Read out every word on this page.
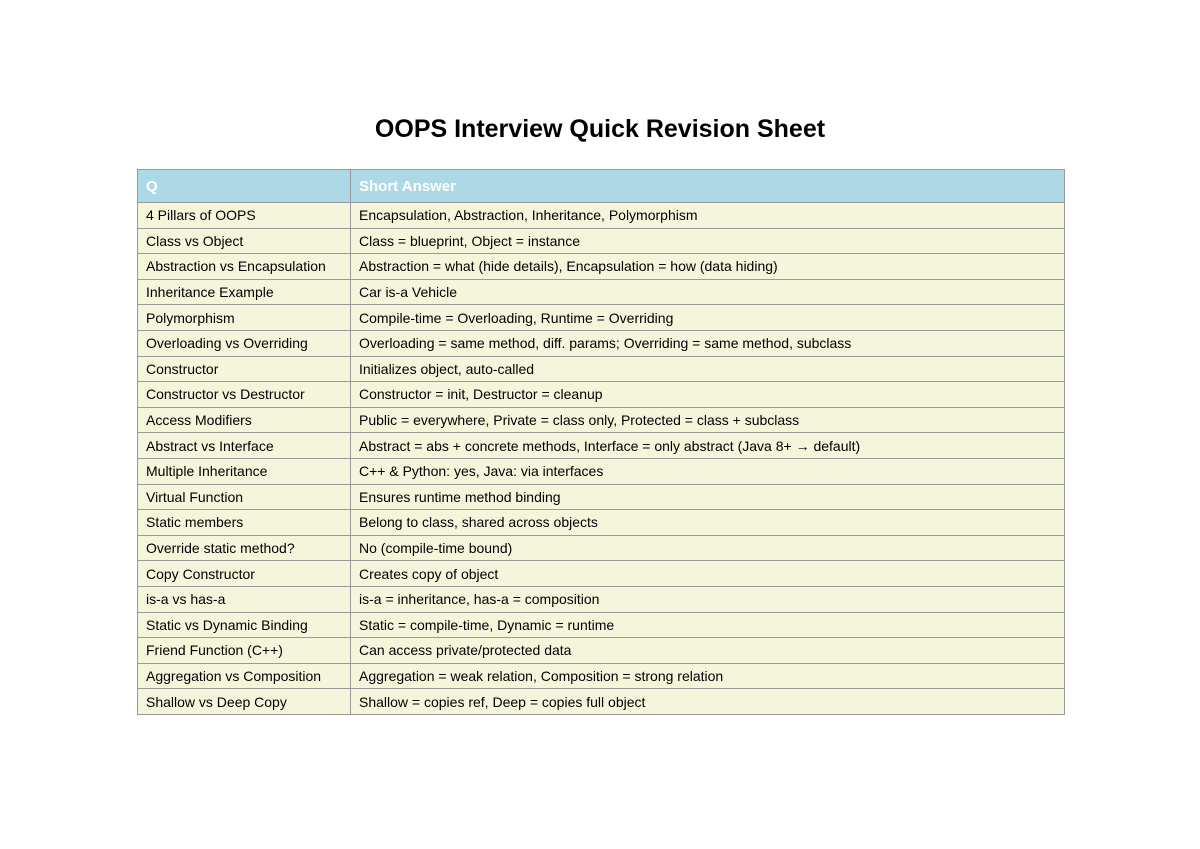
OOPS Interview Quick Revision Sheet
Q	Short Answer
4 Pillars of OOPS	Encapsulation, Abstraction, Inheritance, Polymorphism
Class vs Object	Class = blueprint, Object = instance
Abstraction vs Encapsulation	Abstraction = what (hide details), Encapsulation = how (data hiding)
Inheritance Example	Car is-a Vehicle
Polymorphism	Compile-time = Overloading, Runtime = Overriding
Overloading vs Overriding	Overloading = same method, diff. params; Overriding = same method, subclass
Constructor	Initializes object, auto-called
Constructor vs Destructor	Constructor = init, Destructor = cleanup
Access Modifiers	Public = everywhere, Private = class only, Protected = class + subclass
Abstract vs Interface	Abstract = abs + concrete methods, Interface = only abstract (Java 8+ → default)
Multiple Inheritance	C++ & Python: yes, Java: via interfaces
Virtual Function	Ensures runtime method binding
Static members	Belong to class, shared across objects
Override static method?	No (compile-time bound)
Copy Constructor	Creates copy of object
is-a vs has-a	is-a = inheritance, has-a = composition
Static vs Dynamic Binding	Static = compile-time, Dynamic = runtime
Friend Function (C++)	Can access private/protected data
Aggregation vs Composition	Aggregation = weak relation, Composition = strong relation
Shallow vs Deep Copy	Shallow = copies ref, Deep = copies full object
